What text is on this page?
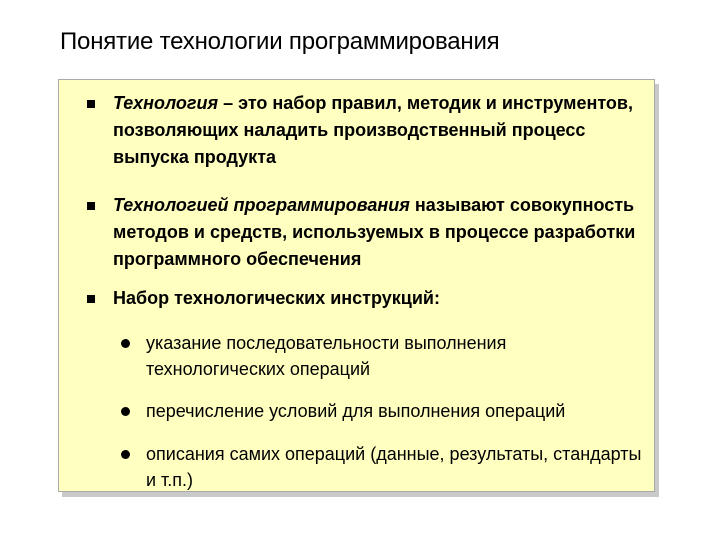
Понятие технологии программирования
Технология – это набор правил, методик и инструментов, позволяющих наладить производственный процесс выпуска продукта
Технологией программирования называют совокупность методов и средств, используемых в процессе разработки программного обеспечения
Набор технологических инструкций:
указание последовательности выполнения технологических операций
перечисление условий для выполнения операций
описания самих операций (данные, результаты, стандарты и т.п.)
